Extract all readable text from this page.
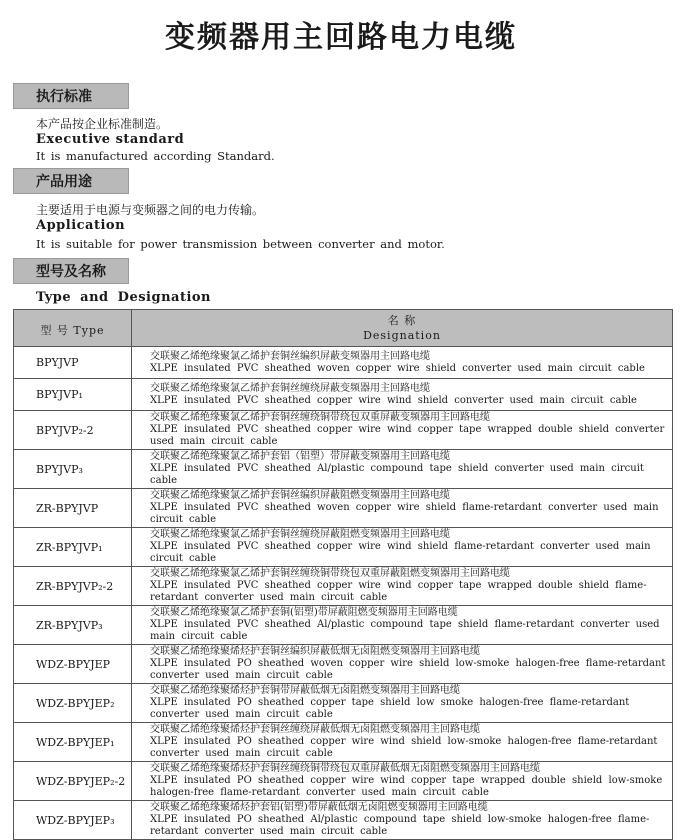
变频器用主回路电力电缆
执行标准
本产品按企业标准制造。
Executive standard
It is manufactured according Standard.
产品用途
主要适用于电源与变频器之间的电力传输。
Application
It is suitable for power transmission between converter and motor.
型号及名称
Type and Designation
型 号 Type	名 称
Designation

BPYJVP	交联聚乙烯绝缘聚氯乙烯护套铜丝编织屏蔽变频器用主回路电缆
XLPE insulated PVC sheathed woven copper wire shield converter used main circuit cable

BPYJVP₁	交联聚乙烯绝缘聚氯乙烯护套铜丝缠绕屏蔽变频器用主回路电缆
XLPE insulated PVC sheathed copper wire wind shield converter used main circuit cable

BPYJVP₂-2	交联聚乙烯绝缘聚氯乙烯护套铜丝缠绕铜带绕包双重屏蔽变频器用主回路电缆
XLPE insulated PVC sheathed copper wire wind copper tape wrapped double shield converter used main circuit cable

BPYJVP₃	交联聚乙烯绝缘聚氯乙烯护套铝（铝塑）带屏蔽变频器用主回路电缆
XLPE insulated PVC sheathed Al/plastic compound tape shield converter used main circuit cable

ZR-BPYJVP	交联聚乙烯绝缘聚氯乙烯护套铜丝编织屏蔽阻燃变频器用主回路电缆
XLPE insulated PVC sheathed woven copper wire shield flame-retardant converter used main circuit cable

ZR-BPYJVP₁	交联聚乙烯绝缘聚氯乙烯护套铜丝缠绕屏蔽阻燃变频器用主回路电缆
XLPE insulated PVC sheathed copper wire wind shield flame-retardant converter used main circuit cable

ZR-BPYJVP₂-2	交联聚乙烯绝缘聚氯乙烯护套铜丝缠绕铜带绕包双重屏蔽阻燃变频器用主回路电缆
XLPE insulated PVC sheathed copper wire wind copper tape wrapped double shield flame-retardant converter used main circuit cable

ZR-BPYJVP₃	交联聚乙烯绝缘聚氯乙烯护套铜(铝塑)带屏蔽阻燃变频器用主回路电缆
XLPE insulated PVC sheathed Al/plastic compound tape shield flame-retardant converter used main circuit cable

WDZ-BPYJEP	交联聚乙烯绝缘聚烯烃护套铜丝编织屏蔽低烟无卤阻燃变频器用主回路电缆
XLPE insulated PO sheathed woven copper wire shield low-smoke halogen-free flame-retardant converter used main circuit cable

WDZ-BPYJEP₂	交联聚乙烯绝缘聚烯烃护套铜带屏蔽低烟无卤阻燃变频器用主回路电缆
XLPE insulated PO sheathed copper tape shield low smoke halogen-free flame-retardant converter used main circuit cable

WDZ-BPYJEP₁	交联聚乙烯绝缘聚烯烃护套铜丝缠绕屏蔽低烟无卤阻燃变频器用主回路电缆
XLPE insulated PO sheathed copper wire wind shield low-smoke halogen-free flame-retardant converter used main circuit cable

WDZ-BPYJEP₂-2	交联聚乙烯绝缘聚烯烃护套铜丝缠绕铜带绕包双重屏蔽低烟无卤阻燃变频器用主回路电缆
XLPE insulated PO sheathed copper wire wind copper tape wrapped double shield low-smoke halogen-free flame-retardant converter used main circuit cable

WDZ-BPYJEP₃	交联聚乙烯绝缘聚烯烃护套铝(铝塑)带屏蔽低烟无卤阻燃变频器用主回路电缆
XLPE insulated PO sheathed Al/plastic compound tape shield low-smoke halogen-free flame-retardant converter used main circuit cable
